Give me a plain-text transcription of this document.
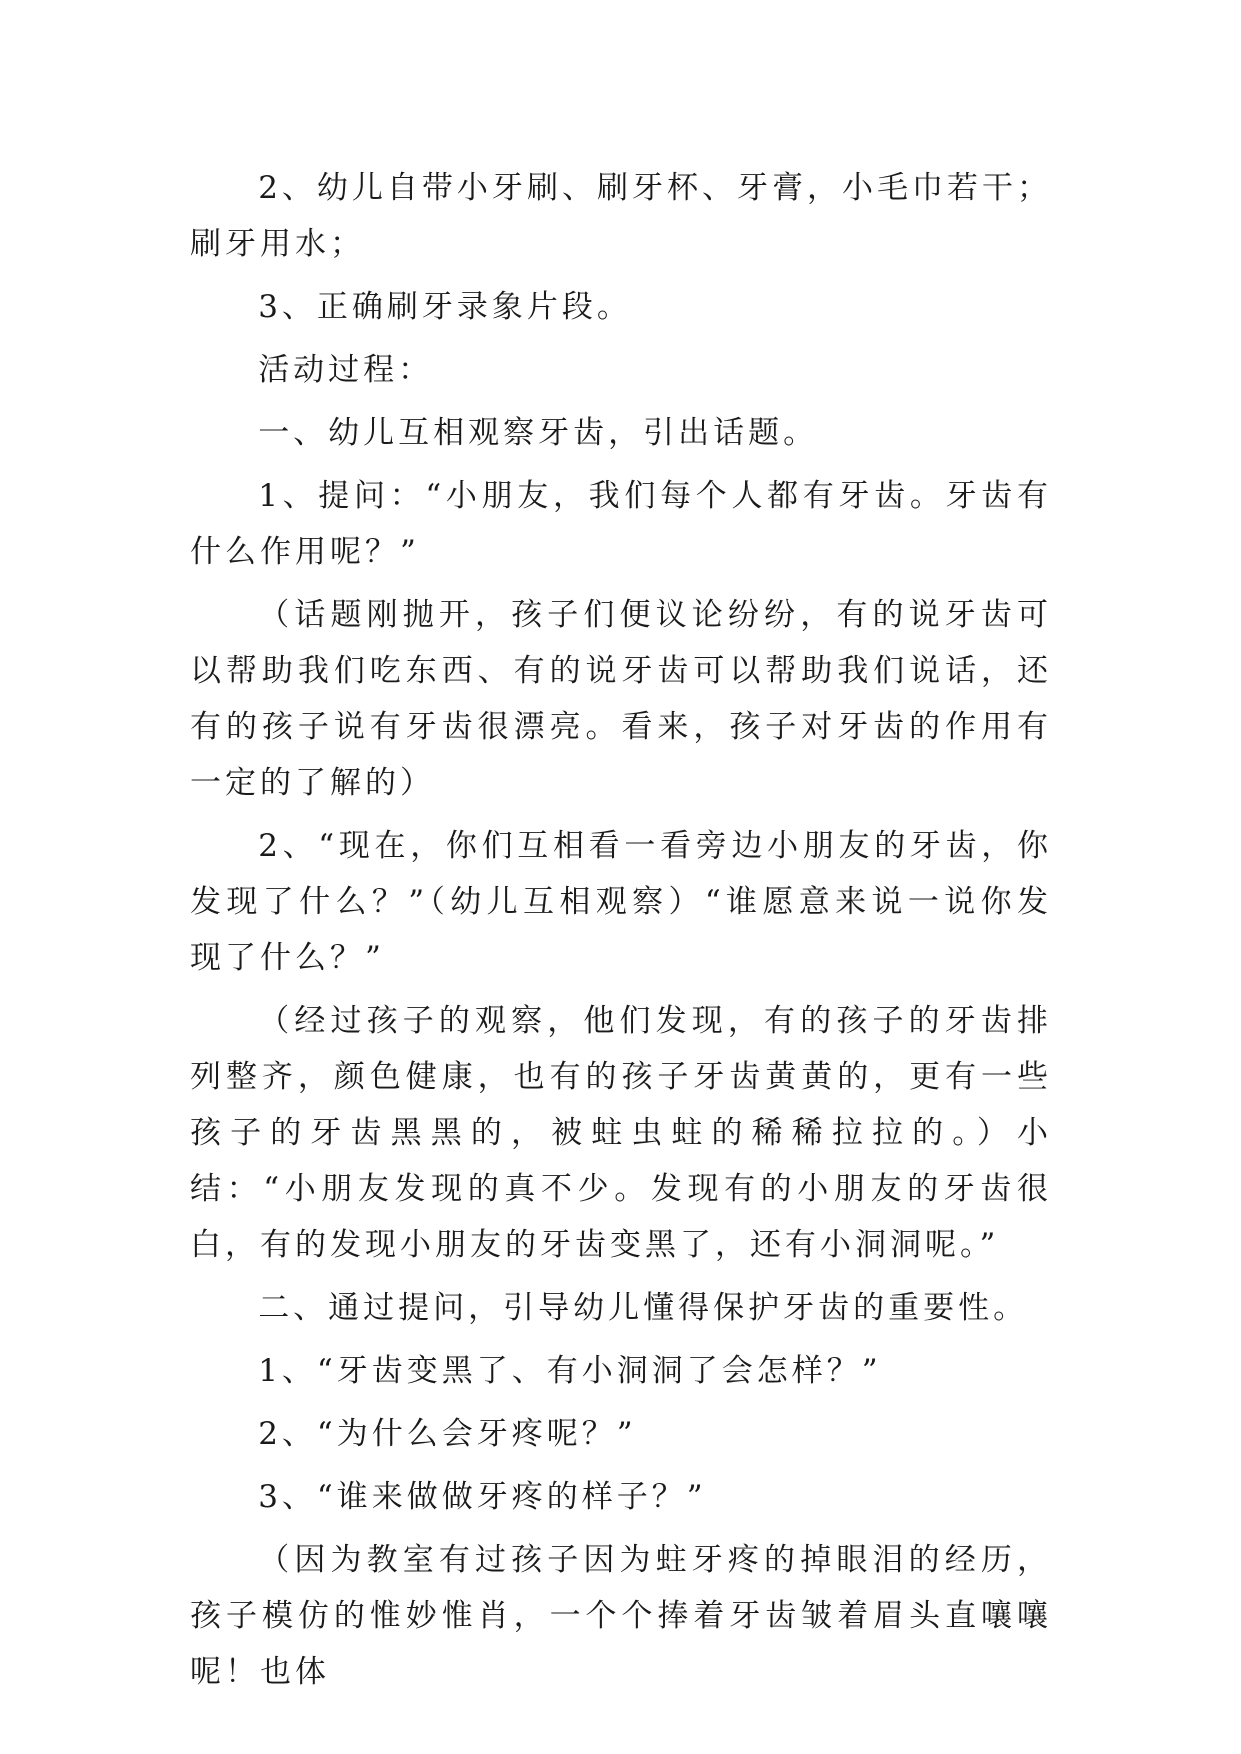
2、幼儿自带小牙刷、刷牙杯、牙膏，小毛巾若干；刷牙用水；

3、正确刷牙录象片段。

活动过程：

一、幼儿互相观察牙齿，引出话题。

1、提问：“小朋友，我们每个人都有牙齿。牙齿有什么作用呢？”

（话题刚抛开，孩子们便议论纷纷，有的说牙齿可以帮助我们吃东西、有的说牙齿可以帮助我们说话，还有的孩子说有牙齿很漂亮。看来，孩子对牙齿的作用有一定的了解的）

2、“现在，你们互相看一看旁边小朋友的牙齿，你发现了什么？”（幼儿互相观察）“谁愿意来说一说你发现了什么？”

（经过孩子的观察，他们发现，有的孩子的牙齿排列整齐，颜色健康，也有的孩子牙齿黄黄的，更有一些孩子的牙齿黑黑的，被蛀虫蛀的稀稀拉拉的。）小结：“小朋友发现的真不少。发现有的小朋友的牙齿很白，有的发现小朋友的牙齿变黑了，还有小洞洞呢。”

二、通过提问，引导幼儿懂得保护牙齿的重要性。

1、“牙齿变黑了、有小洞洞了会怎样？”

2、“为什么会牙疼呢？”

3、“谁来做做牙疼的样子？”

（因为教室有过孩子因为蛀牙疼的掉眼泪的经历，孩子模仿的惟妙惟肖，一个个捧着牙齿皱着眉头直嚷嚷呢！也体
